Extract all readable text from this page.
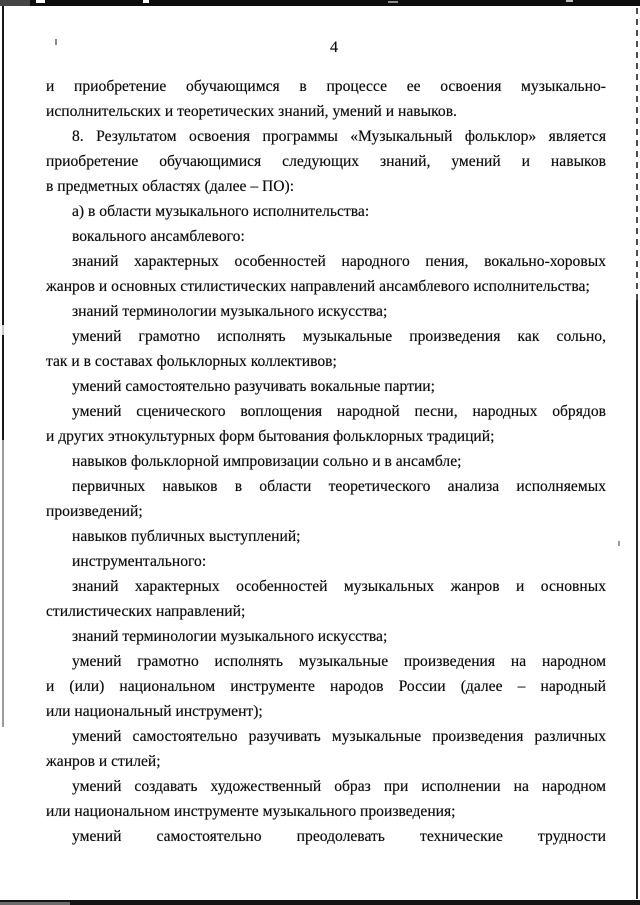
4
и приобретение обучающимся в процессе ее освоения музыкально-
исполнительских и теоретических знаний, умений и навыков.
8. Результатом освоения программы «Музыкальный фольклор» является
приобретение обучающимися следующих знаний, умений и навыков
в предметных областях (далее – ПО):
а) в области музыкального исполнительства:
вокального ансамблевого:
знаний характерных особенностей народного пения, вокально-хоровых
жанров и основных стилистических направлений ансамблевого исполнительства;
знаний терминологии музыкального искусства;
умений грамотно исполнять музыкальные произведения как сольно,
так и в составах фольклорных коллективов;
умений самостоятельно разучивать вокальные партии;
умений сценического воплощения народной песни, народных обрядов
и других этнокультурных форм бытования фольклорных традиций;
навыков фольклорной импровизации сольно и в ансамбле;
первичных навыков в области теоретического анализа исполняемых
произведений;
навыков публичных выступлений;
инструментального:
знаний характерных особенностей музыкальных жанров и основных
стилистических направлений;
знаний терминологии музыкального искусства;
умений грамотно исполнять музыкальные произведения на народном
и (или) национальном инструменте народов России (далее – народный
или национальный инструмент);
умений самостоятельно разучивать музыкальные произведения различных
жанров и стилей;
умений создавать художественный образ при исполнении на народном
или национальном инструменте музыкального произведения;
умений самостоятельно преодолевать технические трудности
